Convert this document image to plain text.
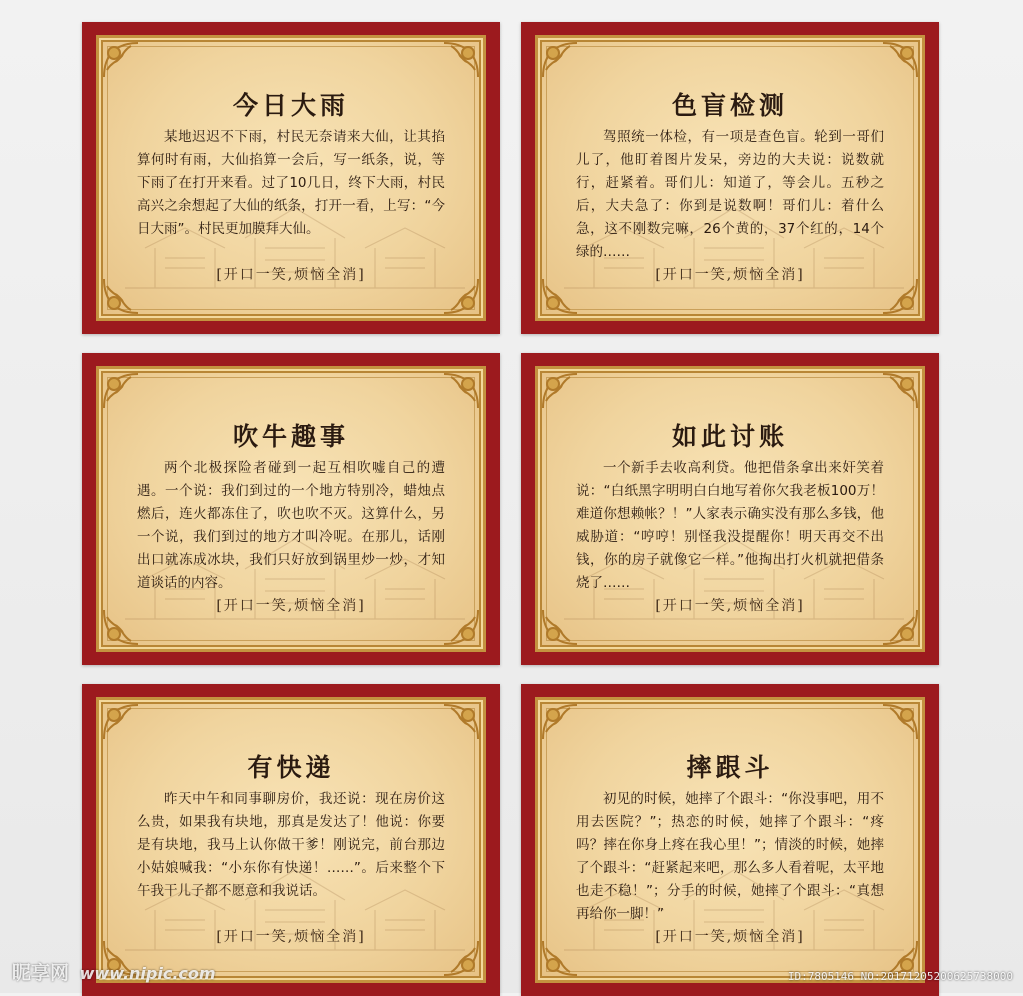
今日大雨
某地迟迟不下雨，村民无奈请来大仙，让其掐算何时有雨，大仙掐算一会后，写一纸条，说，等下雨了在打开来看。过了10几日，终下大雨，村民高兴之余想起了大仙的纸条，打开一看，上写：“今日大雨”。村民更加膜拜大仙。
[开口一笑,烦恼全消]
色盲检测
驾照统一体检，有一项是查色盲。轮到一哥们儿了，他盯着图片发呆，旁边的大夫说：说数就行，赶紧着。哥们儿：知道了，等会儿。五秒之后，大夫急了：你到是说数啊！哥们儿：着什么急，这不刚数完嘛，26个黄的，37个红的，14个绿的……
[开口一笑,烦恼全消]
吹牛趣事
两个北极探险者碰到一起互相吹嘘自己的遭遇。一个说：我们到过的一个地方特别冷，蜡烛点燃后，连火都冻住了，吹也吹不灭。这算什么，另一个说，我们到过的地方才叫冷呢。在那儿，话刚出口就冻成冰块，我们只好放到锅里炒一炒，才知道谈话的内容。
[开口一笑,烦恼全消]
如此讨账
一个新手去收高利贷。他把借条拿出来奸笑着说：“白纸黑字明明白白地写着你欠我老板100万！难道你想赖帐？！”人家表示确实没有那么多钱，他威胁道：“哼哼！别怪我没提醒你！明天再交不出钱，你的房子就像它一样。”他掏出打火机就把借条烧了……
[开口一笑,烦恼全消]
有快递
昨天中午和同事聊房价，我还说：现在房价这么贵，如果我有块地，那真是发达了！他说：你要是有块地，我马上认你做干爹！刚说完，前台那边小姑娘喊我：“小东你有快递！……”。后来整个下午我干儿子都不愿意和我说话。
[开口一笑,烦恼全消]
摔跟斗
初见的时候，她摔了个跟斗：“你没事吧，用不用去医院？”；热恋的时候，她摔了个跟斗：“疼吗？摔在你身上疼在我心里！”；情淡的时候，她摔了个跟斗：“赶紧起来吧，那么多人看着呢，太平地也走不稳！”；分手的时候，她摔了个跟斗：“真想再给你一脚！”
[开口一笑,烦恼全消]
昵享网 www.nipic.com	ID:7805146 NO:20171205200625738000
